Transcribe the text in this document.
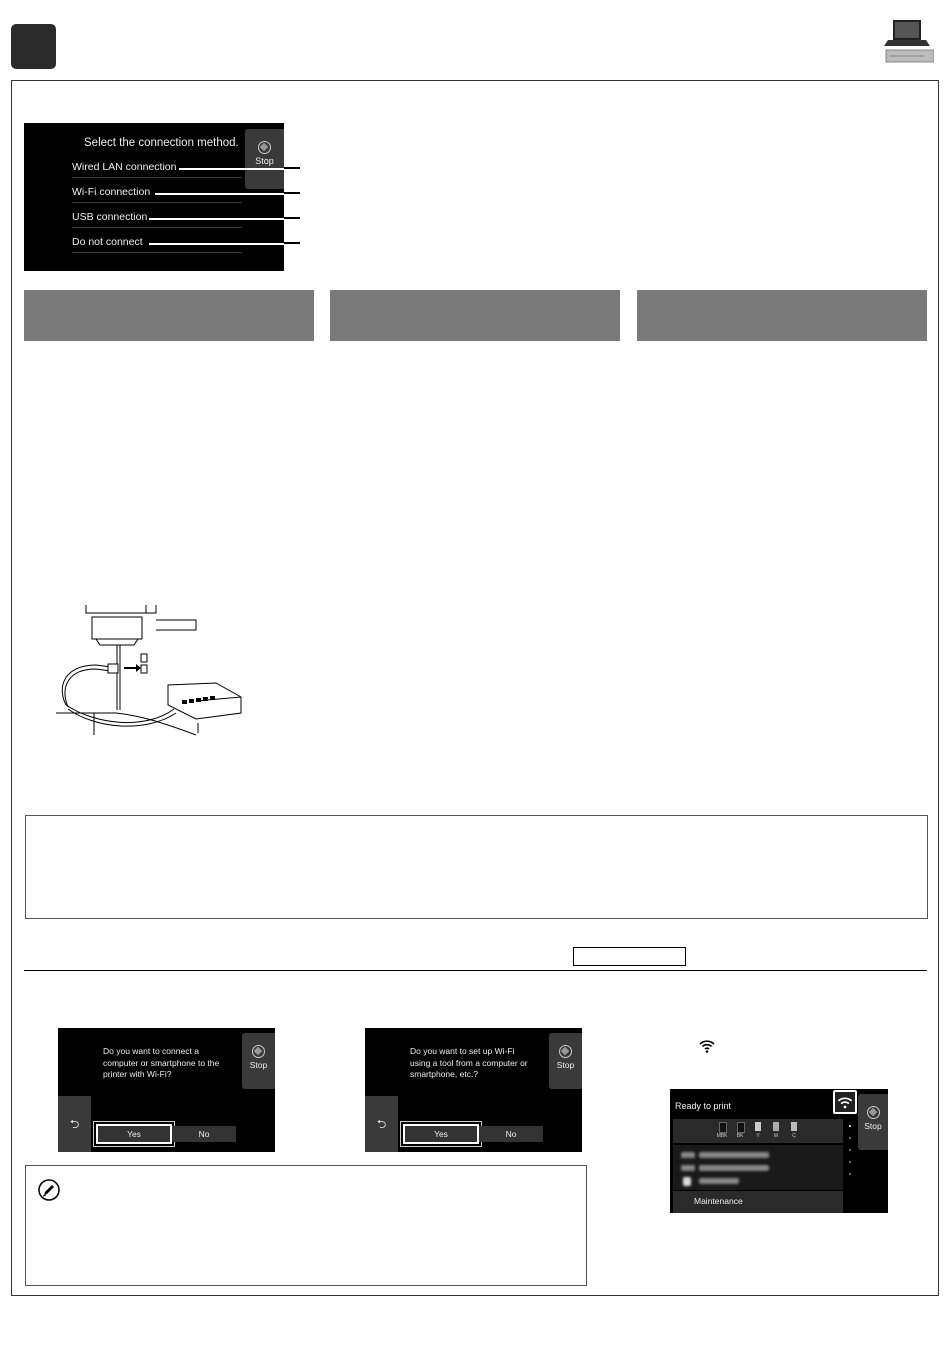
Select the connection method.
Wired LAN connection
Wi-Fi connection
USB connection
Do not connect
Stop
Do you want to connect a computer or smartphone to the printer with Wi-Fi?
Stop
⮌
Yes	No
Do you want to set up Wi-Fi using a tool from a computer or smartphone, etc.?
Stop
⮌
Yes	No
Ready to print
Stop
MBK	BK	Y	M	C
Maintenance
